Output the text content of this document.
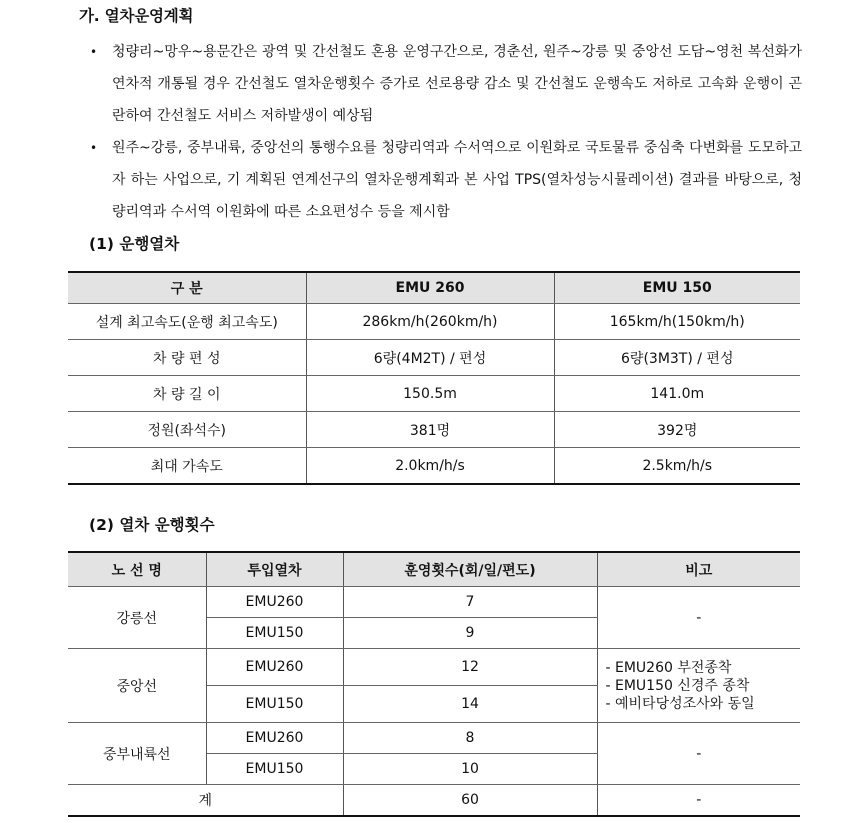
가. 열차운영계획

•	청량리~망우~용문간은 광역 및 간선철도 혼용 운영구간으로, 경춘선, 원주~강릉 및 중앙선 도담~영천 복선화가 연차적 개통될 경우 간선철도 열차운행횟수 증가로 선로용량 감소 및 간선철도 운행속도 저하로 고속화 운행이 곤란하여 간선철도 서비스 저하발생이 예상됨

•	원주~강릉, 중부내륙, 중앙선의 통행수요를 청량리역과 수서역으로 이원화로 국토물류 중심축 다변화를 도모하고자 하는 사업으로, 기 계획된 연계선구의 열차운행계획과 본 사업 TPS(열차성능시뮬레이션) 결과를 바탕으로, 청량리역과 수서역 이원화에 따른 소요편성수 등을 제시함

(1) 운행열차
구 분	EMU 260	EMU 150
설계 최고속도(운행 최고속도)	286km/h(260km/h)	165km/h(150km/h)
차 량 편 성	6량(4M2T) / 편성	6량(3M3T) / 편성
차 량 길 이	150.5m	141.0m
정원(좌석수)	381명	392명
최대 가속도	2.0km/h/s	2.5km/h/s
(2) 열차 운행횟수
노 선 명	투입열차	훈영횟수(회/일/편도)	비고
강릉선	EMU260	7	-
	EMU150	9	
중앙선	EMU260	12	- EMU260 부전종착
- EMU150 신경주 종착
- 예비타당성조사와 동일

	EMU150	14	
중부내륙선	EMU260	8	-
	EMU150	10	
계		60	-
